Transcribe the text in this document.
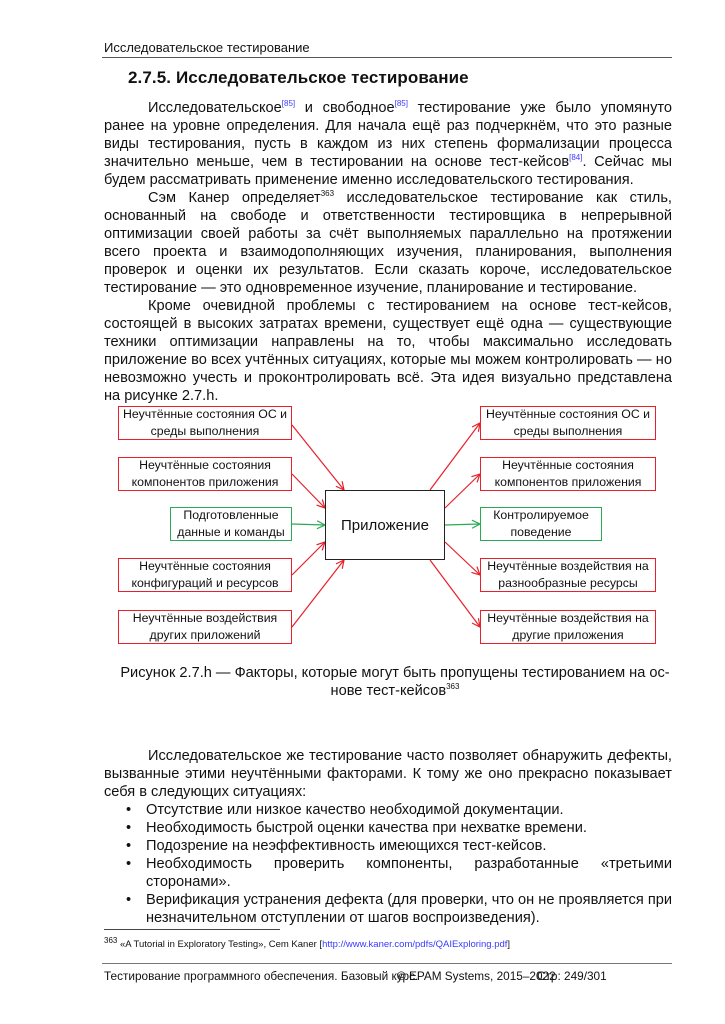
Исследовательское тестирование
2.7.5. Исследовательское тестирование

Исследовательское[85] и свободное[85] тестирование уже было упомянуто ранее на уровне определения. Для начала ещё раз подчеркнём, что это разные виды тестирования, пусть в каждом из них степень формализации процесса значительно меньше, чем в тестировании на основе тест-кейсов[84]. Сейчас мы будем рассматривать применение именно исследовательского тестирования.

Сэм Канер определяет$^{363}$ исследовательское тестирование как стиль, основанный на свободе и ответственности тестировщика в непрерывной оптимизации своей работы за счёт выполняемых параллельно на протяжении всего проекта и взаимодополняющих изучения, планирования, выполнения проверок и оценки их результатов. Если сказать короче, исследовательское тестирование — это одновременное изучение, планирование и тестирование.

Кроме очевидной проблемы с тестированием на основе тест-кейсов, состоящей в высоких затратах времени, существует ещё одна — существующие техники оптимизации направлены на то, чтобы максимально исследовать приложение во всех учтённых ситуациях, которые мы можем контролировать — но невозможно учесть и проконтролировать всё. Эта идея визуально представлена на рисунке 2.7.h.

Неучтённые состояния ОС и
среды выполнения
Неучтённые состояния
компонентов приложения
Подготовленные
данные и команды
Неучтённые состояния
конфигураций и ресурсов
Неучтённые воздействия
других приложений
Неучтённые состояния ОС и
среды выполнения
Неучтённые состояния
компонентов приложения
Контролируемое
поведение
Неучтённые воздействия на
разнообразные ресурсы
Неучтённые воздействия на
другие приложения
Приложение
Рисунок 2.7.h — Факторы, которые могут быть пропущены тестированием на ос-
нове тест-кейсов$^{363}$

Исследовательское же тестирование часто позволяет обнаружить дефекты, вызванные этими неучтёнными факторами. К тому же оно прекрасно показывает себя в следующих ситуациях:

• Отсутствие или низкое качество необходимой документации.
• Необходимость быстрой оценки качества при нехватке времени.
• Подозрение на неэффективность имеющихся тест-кейсов.
• Необходимость проверить компоненты, разработанные «третьими сторонами».
• Верификация устранения дефекта (для проверки, что он не проявляется при незначительном отступлении от шагов воспроизведения).
$^{363}$ «A Tutorial in Exploratory Testing», Cem Kaner [http://www.kaner.com/pdfs/QAIExploring.pdf]
Тестирование программного обеспечения. Базовый курс.
© EPAM Systems, 2015–2022
Стр: 249/301
